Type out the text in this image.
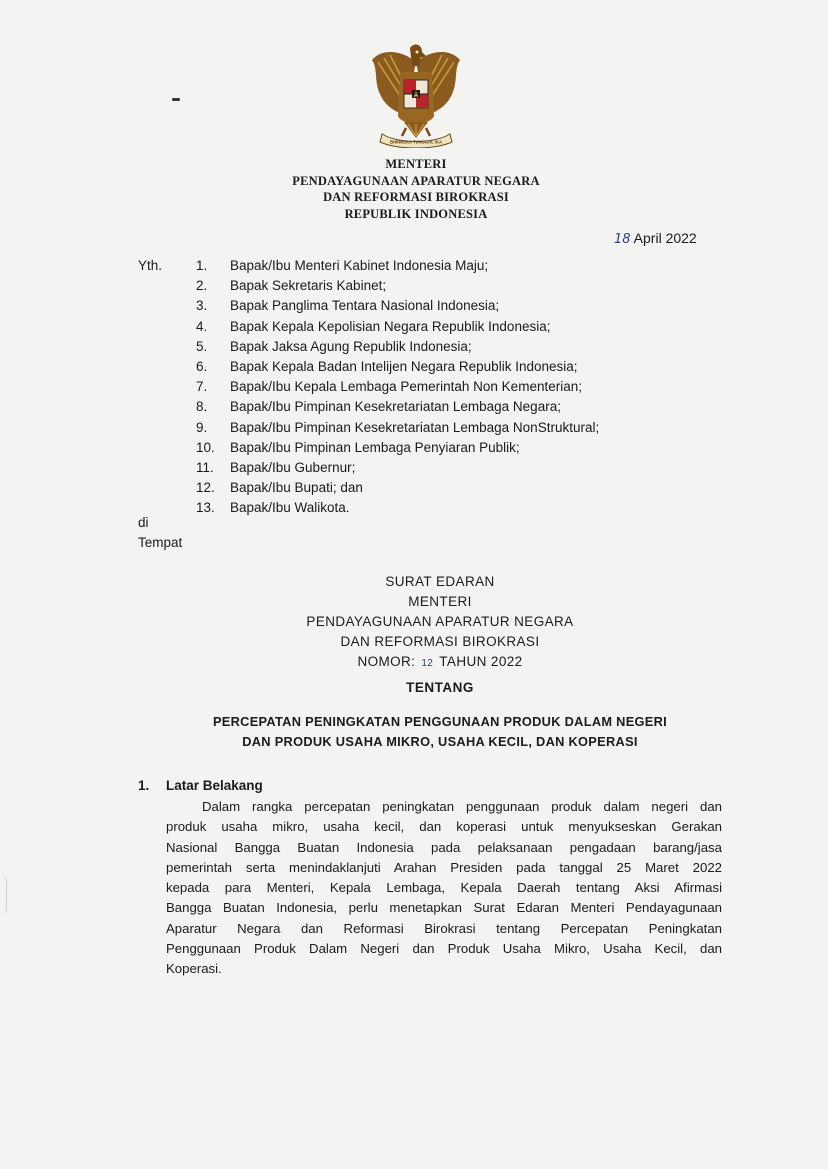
BHINNEKA TUNGGAL IKA
MENTERI
PENDAYAGUNAAN APARATUR NEGARA
DAN REFORMASI BIROKRASI
REPUBLIK INDONESIA
18 April 2022
Yth.	1. Bapak/Ibu Menteri Kabinet Indonesia Maju;
2. Bapak Sekretaris Kabinet;
3. Bapak Panglima Tentara Nasional Indonesia;
4. Bapak Kepala Kepolisian Negara Republik Indonesia;
5. Bapak Jaksa Agung Republik Indonesia;
6. Bapak Kepala Badan Intelijen Negara Republik Indonesia;
7. Bapak/Ibu Kepala Lembaga Pemerintah Non Kementerian;
8. Bapak/Ibu Pimpinan Kesekretariatan Lembaga Negara;
9. Bapak/Ibu Pimpinan Kesekretariatan Lembaga NonStruktural;
10. Bapak/Ibu Pimpinan Lembaga Penyiaran Publik;
11. Bapak/Ibu Gubernur;
12. Bapak/Ibu Bupati; dan
13. Bapak/Ibu Walikota.
di
Tempat
SURAT EDARAN
MENTERI
PENDAYAGUNAAN APARATUR NEGARA
DAN REFORMASI BIROKRASI
NOMOR: 12 TAHUN 2022
TENTANG
PERCEPATAN PENINGKATAN PENGGUNAAN PRODUK DALAM NEGERI
DAN PRODUK USAHA MIKRO, USAHA KECIL, DAN KOPERASI
1. Latar Belakang
Dalam rangka percepatan peningkatan penggunaan produk dalam negeri dan
produk usaha mikro, usaha kecil, dan koperasi untuk menyukseskan Gerakan
Nasional Bangga Buatan Indonesia pada pelaksanaan pengadaan barang/jasa
pemerintah serta menindaklanjuti Arahan Presiden pada tanggal 25 Maret 2022
kepada para Menteri, Kepala Lembaga, Kepala Daerah tentang Aksi Afirmasi
Bangga Buatan Indonesia, perlu menetapkan Surat Edaran Menteri Pendayagunaan
Aparatur Negara dan Reformasi Birokrasi tentang Percepatan Peningkatan
Penggunaan Produk Dalam Negeri dan Produk Usaha Mikro, Usaha Kecil, dan
Koperasi.
